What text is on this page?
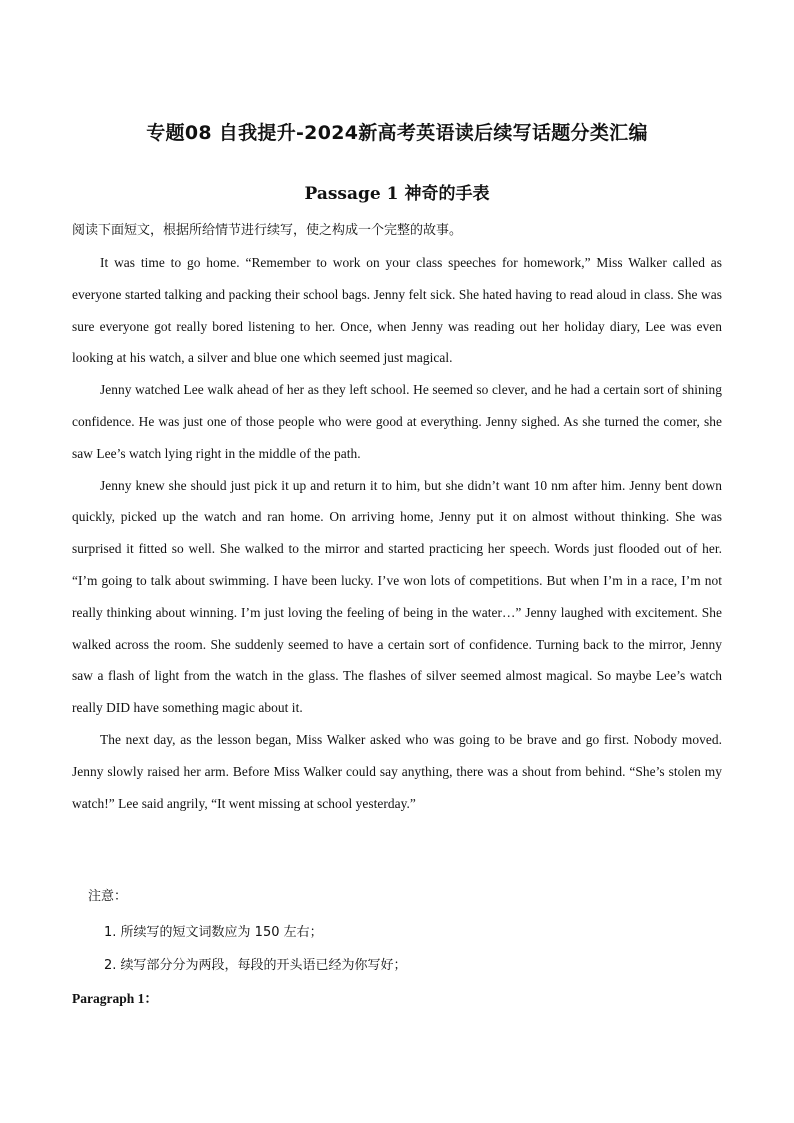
专题08 自我提升-2024新高考英语读后续写话题分类汇编
Passage 1 神奇的手表

阅读下面短文，根据所给情节进行续写，使之构成一个完整的故事。

It was time to go home. “Remember to work on your class speeches for homework,” Miss Walker called as everyone started talking and packing their school bags. Jenny felt sick. She hated having to read aloud in class. She was sure everyone got really bored listening to her. Once, when Jenny was reading out her holiday diary, Lee was even looking at his watch, a silver and blue one which seemed just magical.

Jenny watched Lee walk ahead of her as they left school. He seemed so clever, and he had a certain sort of shining confidence. He was just one of those people who were good at everything. Jenny sighed. As she turned the comer, she saw Lee’s watch lying right in the middle of the path.

Jenny knew she should just pick it up and return it to him, but she didn’t want 10 nm after him. Jenny bent down quickly, picked up the watch and ran home. On arriving home, Jenny put it on almost without thinking. She was surprised it fitted so well. She walked to the mirror and started practicing her speech. Words just flooded out of her. “I’m going to talk about swimming. I have been lucky. I’ve won lots of competitions. But when I’m in a race, I’m not really thinking about winning. I’m just loving the feeling of being in the water…” Jenny laughed with excitement. She walked across the room. She suddenly seemed to have a certain sort of confidence. Turning back to the mirror, Jenny saw a flash of light from the watch in the glass. The flashes of silver seemed almost magical. So maybe Lee’s watch really DID have something magic about it.

The next day, as the lesson began, Miss Walker asked who was going to be brave and go first. Nobody moved. Jenny slowly raised her arm. Before Miss Walker could say anything, there was a shout from behind. “She’s stolen my watch!” Lee said angrily, “It went missing at school yesterday.”

注意：

1. 所续写的短文词数应为 150 左右；

2. 续写部分分为两段，每段的开头语已经为你写好；

Paragraph 1：
